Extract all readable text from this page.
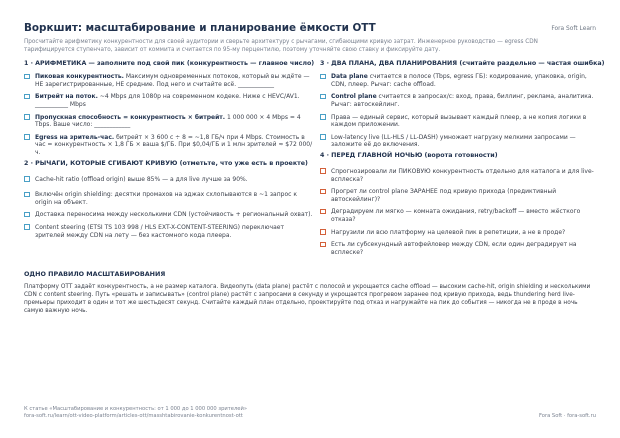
Воркшит: масштабирование и планирование ёмкости OTT	Fora Soft Learn
Просчитайте арифметику конкурентности для своей аудитории и сверьте архитектуру с рычагами, сгибающими кривую затрат. Инженерное руководство — egress CDN тарифицируется ступенчато, зависит от коммита и считается по 95-му перцентилю, поэтому уточняйте свою ставку и фиксируйте дату.
1 · АРИФМЕТИКА — заполните под свой пик (конкурентность — главное число)
Пиковая конкурентность. Максимум одновременных потоков, который вы ждёте — НЕ зарегистрированные, НЕ средние. Под него и считайте всё. ____________
Битрейт на поток. ~4 Mbps для 1080p на современном кодеке. Ниже с HEVC/AV1. ___________ Mbps
Пропускная способность = конкурентность × битрейт. 1 000 000 × 4 Mbps = 4 Tbps. Ваше число: ____________
Egress на зритель-час. битрейт × 3 600 с ÷ 8 = ~1,8 ГБ/ч при 4 Mbps. Стоимость в час = конкурентность × 1,8 ГБ × ваша $/ГБ. При $0,04/ГБ и 1 млн зрителей ≈ $72 000/ч.
2 · РЫЧАГИ, КОТОРЫЕ СГИБАЮТ КРИВУЮ (отметьте, что уже есть в проекте)
Cache-hit ratio (offload origin) выше 85% — а для live лучше за 90%.
Включён origin shielding: десятки промахов на эджах схлопываются в ~1 запрос к origin на объект.
Доставка переносима между несколькими CDN (устойчивость + региональный охват).
Content steering (ETSI TS 103 998 / HLS EXT-X-CONTENT-STEERING) переключает зрителей между CDN на лету — без кастомного кода плеера.
3 · ДВА ПЛАНА, ДВА ПЛАНИРОВАНИЯ (считайте раздельно — частая ошибка)
Data plane считается в полосе (Tbps, egress ГБ): кодирование, упаковка, origin, CDN, плеер. Рычаг: cache offload.
Control plane считается в запросах/с: вход, права, биллинг, реклама, аналитика. Рычаг: автоскейлинг.
Права — единый сервис, который вызывает каждый плеер, а не копия логики в каждом приложении.
Low-latency live (LL-HLS / LL-DASH) умножает нагрузку мелкими запросами — заложите её до включения.
4 · ПЕРЕД ГЛАВНОЙ НОЧЬЮ (ворота готовности)
Спрогнозировали ли ПИКОВУЮ конкурентность отдельно для каталога и для live-всплеска?
Прогрет ли control plane ЗАРАНЕЕ под кривую прихода (предиктивный автоскейлинг)?
Деградируем ли мягко — комната ожидания, retry/backoff — вместо жёсткого отказа?
Нагрузили ли всю платформу на целевой пик в репетиции, а не в проде?
Есть ли субсекундный автофейловер между CDN, если один деградирует на всплеске?
ОДНО ПРАВИЛО МАСШТАБИРОВАНИЯ
Платформу OTT задаёт конкурентность, а не размер каталога. Видеопуть (data plane) растёт с полосой и укрощается cache offload — высоким cache-hit, origin shielding и несколькими CDN с content steering. Путь «решать и записывать» (control plane) растёт с запросами в секунду и укрощается прогревом заранее под кривую прихода, ведь thundering herd live-премьеры приходит в один и тот же шестьдесят секунд. Считайте каждый план отдельно, проектируйте под отказ и нагружайте на пик до события — никогда не в проде в ночь самую важную ночь.
К статье «Масштабирование и конкурентность: от 1 000 до 1 000 000 зрителей»
fora-soft.ru/learn/ott-video-platform/articles-ott/masshtabirovanie-konkurentnost-ott	Fora Soft · fora-soft.ru
